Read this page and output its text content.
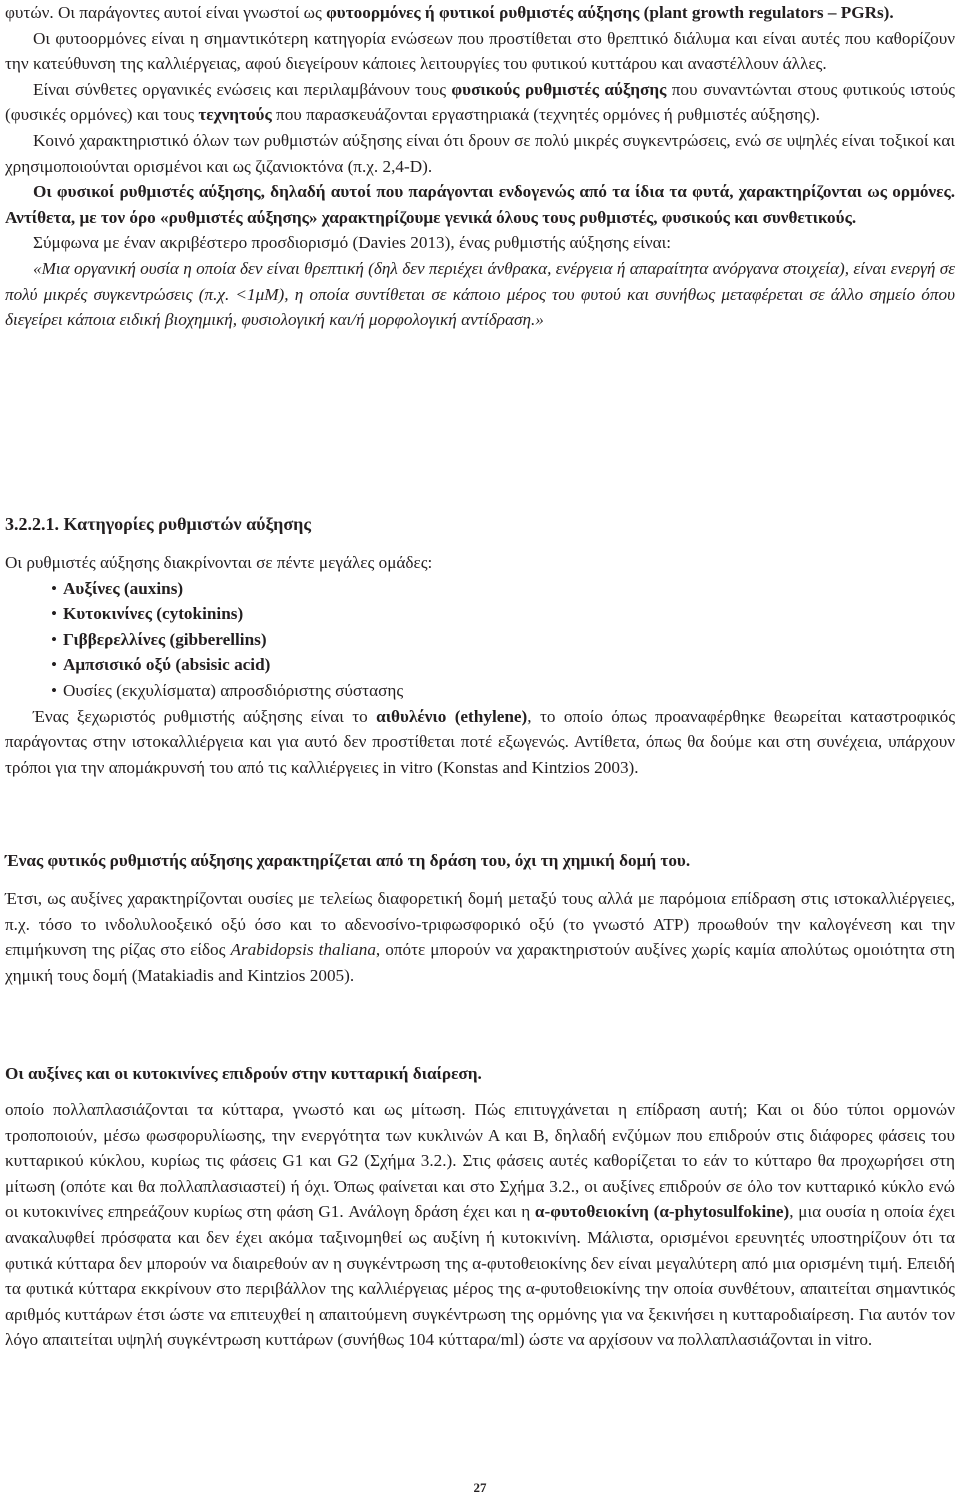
φυτών. Οι παράγοντες αυτοί είναι γνωστοί ως φυτοορμόνες ή φυτικοί ρυθμιστές αύξησης (plant growth regulators – PGRs).

Οι φυτοορμόνες είναι η σημαντικότερη κατηγορία ενώσεων που προστίθεται στο θρεπτικό διάλυμα και είναι αυτές που καθορίζουν την κατεύθυνση της καλλιέργειας, αφού διεγείρουν κάποιες λειτουργίες του φυτικού κυττάρου και αναστέλλουν άλλες.

Είναι σύνθετες οργανικές ενώσεις και περιλαμβάνουν τους φυσικούς ρυθμιστές αύξησης που συναντώνται στους φυτικούς ιστούς (φυσικές ορμόνες) και τους τεχνητούς που παρασκευάζονται εργαστηριακά (τεχνητές ορμόνες ή ρυθμιστές αύξησης).

Κοινό χαρακτηριστικό όλων των ρυθμιστών αύξησης είναι ότι δρουν σε πολύ μικρές συγκεντρώσεις, ενώ σε υψηλές είναι τοξικοί και χρησιμοποιούνται ορισμένοι και ως ζιζανιοκτόνα (π.χ. 2,4-D).

Οι φυσικοί ρυθμιστές αύξησης, δηλαδή αυτοί που παράγονται ενδογενώς από τα ίδια τα φυτά, χαρακτηρίζονται ως ορμόνες. Αντίθετα, με τον όρο «ρυθμιστές αύξησης» χαρακτηρίζουμε γενικά όλους τους ρυθμιστές, φυσικούς και συνθετικούς.

Σύμφωνα με έναν ακριβέστερο προσδιορισμό (Davies 2013), ένας ρυθμιστής αύξησης είναι:

«Μια οργανική ουσία η οποία δεν είναι θρεπτική (δηλ δεν περιέχει άνθρακα, ενέργεια ή απαραίτητα ανόργανα στοιχεία), είναι ενεργή σε πολύ μικρές συγκεντρώσεις (π.χ. <1μΜ), η οποία συντίθεται σε κάποιο μέρος του φυτού και συνήθως μεταφέρεται σε άλλο σημείο όπου διεγείρει κάποια ειδική βιοχημική, φυσιολογική και/ή μορφολογική αντίδραση.»

3.2.2.1. Κατηγορίες ρυθμιστών αύξησης

Οι ρυθμιστές αύξησης διακρίνονται σε πέντε μεγάλες ομάδες:

• Αυξίνες (auxins)
• Κυτοκινίνες (cytokinins)
• Γιββερελλίνες (gibberellins)
• Αμπσισικό οξύ (absisic acid)
• Ουσίες (εκχυλίσματα) απροσδιόριστης σύστασης

Ένας ξεχωριστός ρυθμιστής αύξησης είναι το αιθυλένιο (ethylene), το οποίο όπως προαναφέρθηκε θεωρείται καταστροφικός παράγοντας στην ιστοκαλλιέργεια και για αυτό δεν προστίθεται ποτέ εξωγενώς. Αντίθετα, όπως θα δούμε και στη συνέχεια, υπάρχουν τρόποι για την απομάκρυνσή του από τις καλλιέργειες in vitro (Konstas and Kintzios 2003).

Ένας φυτικός ρυθμιστής αύξησης χαρακτηρίζεται από τη δράση του, όχι τη χημική δομή του.

Έτσι, ως αυξίνες χαρακτηρίζονται ουσίες με τελείως διαφορετική δομή μεταξύ τους αλλά με παρόμοια επίδραση στις ιστοκαλλιέργειες, π.χ. τόσο το ινδολυλοοξεικό οξύ όσο και το αδενοσίνο-τριφωσφορικό οξύ (το γνωστό ATP) προωθούν την καλογένεση και την επιμήκυνση της ρίζας στο είδος Arabidopsis thaliana, οπότε μπορούν να χαρακτηριστούν αυξίνες χωρίς καμία απολύτως ομοιότητα στη χημική τους δομή (Matakiadis and Kintzios 2005).

Οι αυξίνες και οι κυτοκινίνες επιδρούν στην κυτταρική διαίρεση.

οποίο πολλαπλασιάζονται τα κύτταρα, γνωστό και ως μίτωση. Πώς επιτυγχάνεται η επίδραση αυτή; Και οι δύο τύποι ορμονών τροποποιούν, μέσω φωσφορυλίωσης, την ενεργότητα των κυκλινών Α και Β, δηλαδή ενζύμων που επιδρούν στις διάφορες φάσεις του κυτταρικού κύκλου, κυρίως τις φάσεις G1 και G2 (Σχήμα 3.2.). Στις φάσεις αυτές καθορίζεται το εάν το κύτταρο θα προχωρήσει στη μίτωση (οπότε και θα πολλαπλασιαστεί) ή όχι. Όπως φαίνεται και στο Σχήμα 3.2., οι αυξίνες επιδρούν σε όλο τον κυτταρικό κύκλο ενώ οι κυτοκινίνες επηρεάζουν κυρίως στη φάση G1. Ανάλογη δράση έχει και η α-φυτοθειοκίνη (α-phytosulfokine), μια ουσία η οποία έχει ανακαλυφθεί πρόσφατα και δεν έχει ακόμα ταξινομηθεί ως αυξίνη ή κυτοκινίνη. Μάλιστα, ορισμένοι ερευνητές υποστηρίζουν ότι τα φυτικά κύτταρα δεν μπορούν να διαιρεθούν αν η συγκέντρωση της α-φυτοθειοκίνης δεν είναι μεγαλύτερη από μια ορισμένη τιμή. Επειδή τα φυτικά κύτταρα εκκρίνουν στο περιβάλλον της καλλιέργειας μέρος της α-φυτοθειοκίνης την οποία συνθέτουν, απαιτείται σημαντικός αριθμός κυττάρων έτσι ώστε να επιτευχθεί η απαιτούμενη συγκέντρωση της ορμόνης για να ξεκινήσει η κυτταροδιαίρεση. Για αυτόν τον λόγο απαιτείται υψηλή συγκέντρωση κυττάρων (συνήθως 104 κύτταρα/ml) ώστε να αρχίσουν να πολλαπλασιάζονται in vitro.

27
